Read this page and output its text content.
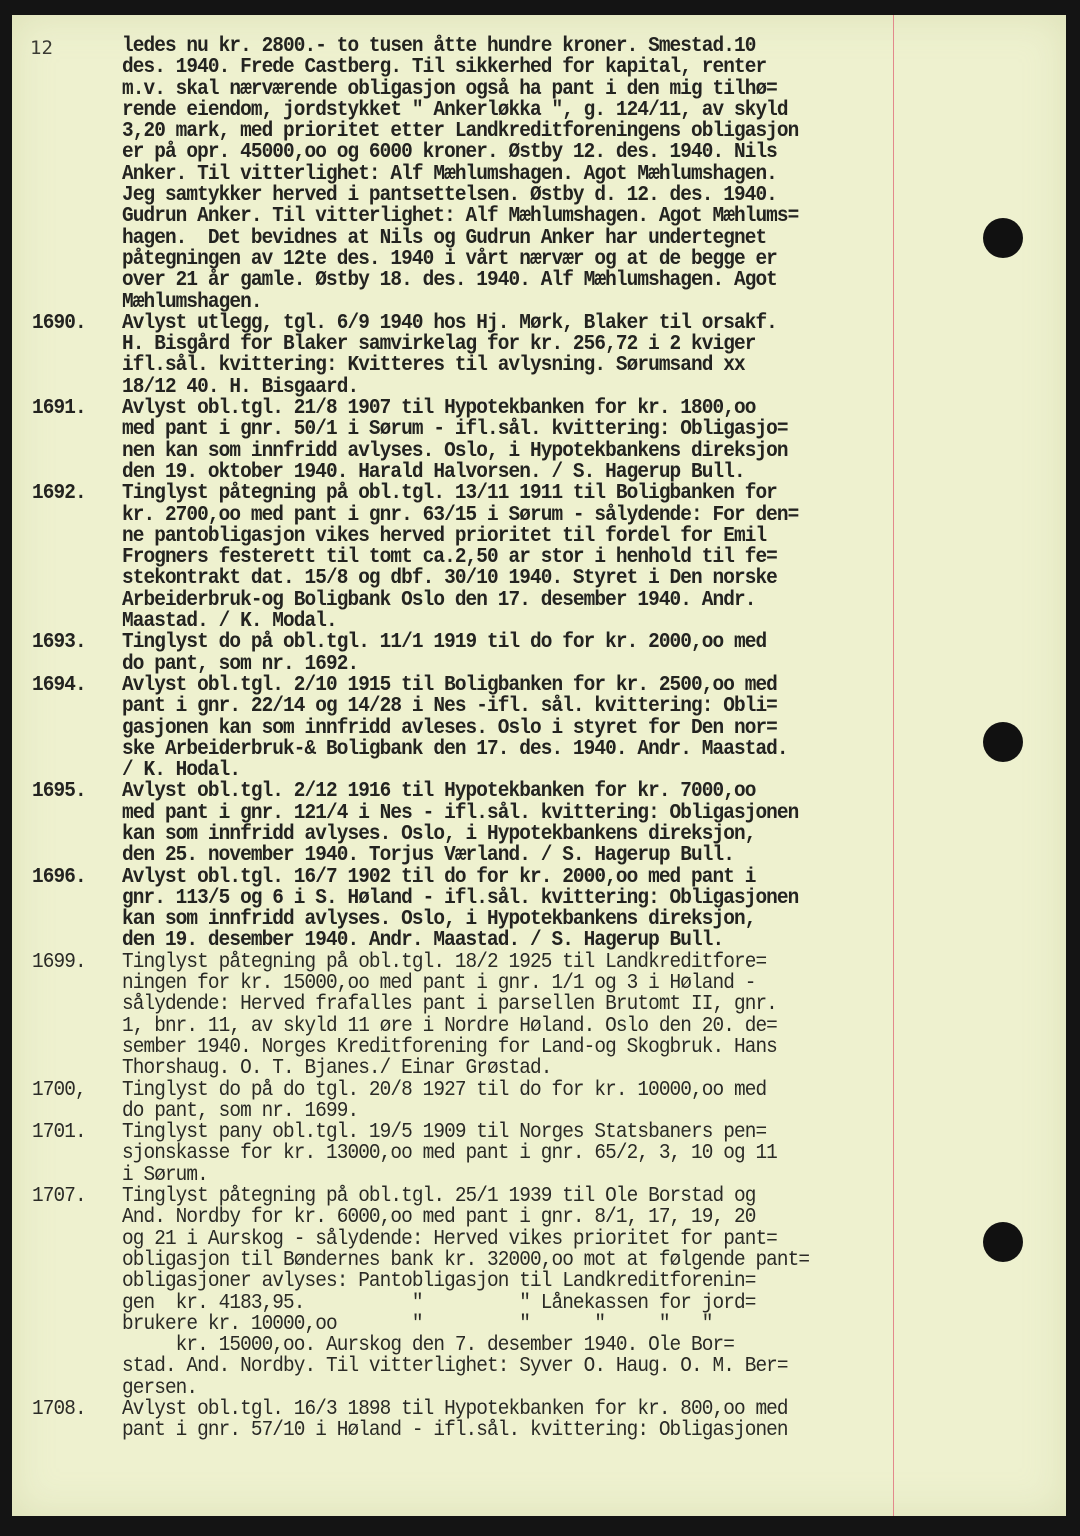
12	ledes nu kr. 2800.- to tusen åtte hundre kroner. Smestad.10
des. 1940. Frede Castberg. Til sikkerhed for kapital, renter
m.v. skal nærværende obligasjon også ha pant i den mig tilhø=
rende eiendom, jordstykket " Ankerløkka ", g. 124/11, av skyld
3,20 mark, med prioritet etter Landkreditforeningens obligasjon
er på opr. 45000,oo og 6000 kroner. Østby 12. des. 1940. Nils
Anker. Til vitterlighet: Alf Mæhlumshagen. Agot Mæhlumshagen.
Jeg samtykker herved i pantsettelsen. Østby d. 12. des. 1940.
Gudrun Anker. Til vitterlighet: Alf Mæhlumshagen. Agot Mæhlums=
hagen.  Det bevidnes at Nils og Gudrun Anker har undertegnet
påtegningen av 12te des. 1940 i vårt nærvær og at de begge er
over 21 år gamle. Østby 18. des. 1940. Alf Mæhlumshagen. Agot
Mæhlumshagen.
1690.	Avlyst utlegg, tgl. 6/9 1940 hos Hj. Mørk, Blaker til orsakf.
H. Bisgård for Blaker samvirkelag for kr. 256,72 i 2 kviger
ifl.sål. kvittering: Kvitteres til avlysning. Sørumsand xx
18/12 40. H. Bisgaard.
1691.	Avlyst obl.tgl. 21/8 1907 til Hypotekbanken for kr. 1800,oo
med pant i gnr. 50/1 i Sørum - ifl.sål. kvittering: Obligasjo=
nen kan som innfridd avlyses. Oslo, i Hypotekbankens direksjon
den 19. oktober 1940. Harald Halvorsen. / S. Hagerup Bull.
1692.	Tinglyst påtegning på obl.tgl. 13/11 1911 til Boligbanken for
kr. 2700,oo med pant i gnr. 63/15 i Sørum - sålydende: For den=
ne pantobligasjon vikes herved prioritet til fordel for Emil
Frogners festerett til tomt ca.2,50 ar stor i henhold til fe=
stekontrakt dat. 15/8 og dbf. 30/10 1940. Styret i Den norske
Arbeiderbruk-og Boligbank Oslo den 17. desember 1940. Andr.
Maastad. / K. Modal.
1693.	Tinglyst do på obl.tgl. 11/1 1919 til do for kr. 2000,oo med
do pant, som nr. 1692.
1694.	Avlyst obl.tgl. 2/10 1915 til Boligbanken for kr. 2500,oo med
pant i gnr. 22/14 og 14/28 i Nes -ifl. sål. kvittering: Obli=
gasjonen kan som innfridd avleses. Oslo i styret for Den nor=
ske Arbeiderbruk-& Boligbank den 17. des. 1940. Andr. Maastad.
/ K. Hodal.
1695.	Avlyst obl.tgl. 2/12 1916 til Hypotekbanken for kr. 7000,oo
med pant i gnr. 121/4 i Nes - ifl.sål. kvittering: Obligasjonen
kan som innfridd avlyses. Oslo, i Hypotekbankens direksjon,
den 25. november 1940. Torjus Værland. / S. Hagerup Bull.
1696.	Avlyst obl.tgl. 16/7 1902 til do for kr. 2000,oo med pant i
gnr. 113/5 og 6 i S. Høland - ifl.sål. kvittering: Obligasjonen
kan som innfridd avlyses. Oslo, i Hypotekbankens direksjon,
den 19. desember 1940. Andr. Maastad. / S. Hagerup Bull.
1699.	Tinglyst påtegning på obl.tgl. 18/2 1925 til Landkreditfore=
ningen for kr. 15000,oo med pant i gnr. 1/1 og 3 i Høland -
sålydende: Herved frafalles pant i parsellen Brutomt II, gnr.
1, bnr. 11, av skyld 11 øre i Nordre Høland. Oslo den 20. de=
sember 1940. Norges Kreditforening for Land-og Skogbruk. Hans
Thorshaug. O. T. Bjanes./ Einar Grøstad.
1700,	Tinglyst do på do tgl. 20/8 1927 til do for kr. 10000,oo med
do pant, som nr. 1699.
1701.	Tinglyst pany obl.tgl. 19/5 1909 til Norges Statsbaners pen=
sjonskasse for kr. 13000,oo med pant i gnr. 65/2, 3, 10 og 11
i Sørum.
1707.	Tinglyst påtegning på obl.tgl. 25/1 1939 til Ole Borstad og
And. Nordby for kr. 6000,oo med pant i gnr. 8/1, 17, 19, 20
og 21 i Aurskog - sålydende: Herved vikes prioritet for pant=
obligasjon til Bøndernes bank kr. 32000,oo mot at følgende pant=
obligasjoner avlyses: Pantobligasjon til Landkreditforenin=
gen  kr. 4183,95.          "         " Lånekassen for jord=
brukere kr. 10000,oo       "         "      "     "   "
kr. 15000,oo. Aurskog den 7. desember 1940. Ole Bor=
stad. And. Nordby. Til vitterlighet: Syver O. Haug. O. M. Ber=
gersen.
1708.	Avlyst obl.tgl. 16/3 1898 til Hypotekbanken for kr. 800,oo med
pant i gnr. 57/10 i Høland - ifl.sål. kvittering: Obligasjonen
